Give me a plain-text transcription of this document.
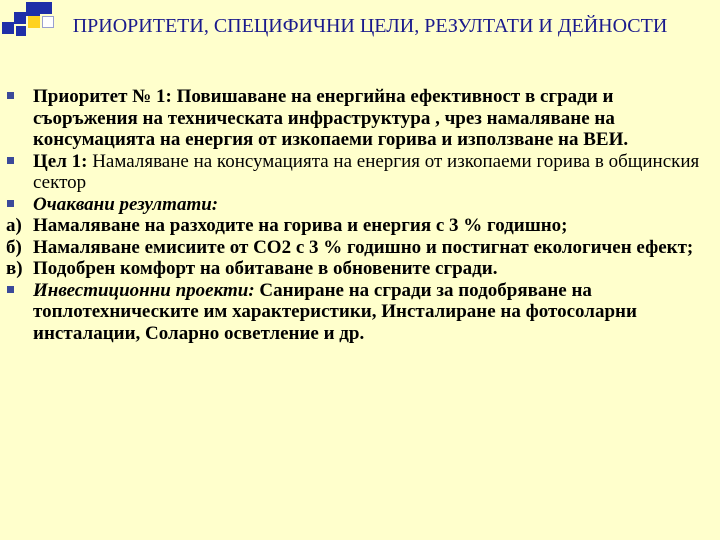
ПРИОРИТЕТИ, СПЕЦИФИЧНИ ЦЕЛИ, РЕЗУЛТАТИ И ДЕЙНОСТИ
Приоритет № 1: Повишаване на енергийна ефективност в сгради и съоръжения на техническата инфраструктура , чрез намаляване на консумацията на енергия от изкопаеми горива и използване на ВЕИ.
Цел 1: Намаляване на консумацията на енергия от изкопаеми горива в общинския сектор
Очаквани резултати:
а) Намаляване на разходите на горива и енергия с 3 % годишно;
б) Намаляване емисиите от СО2 с 3 % годишно и постигнат екологичен ефект;
в) Подобрен комфорт на обитаване в обновените сгради.
Инвестиционни проекти: Саниране на сгради за подобряване на топлотехническите им характеристики, Инсталиране на фотосоларни инсталации, Соларно осветление и др.
